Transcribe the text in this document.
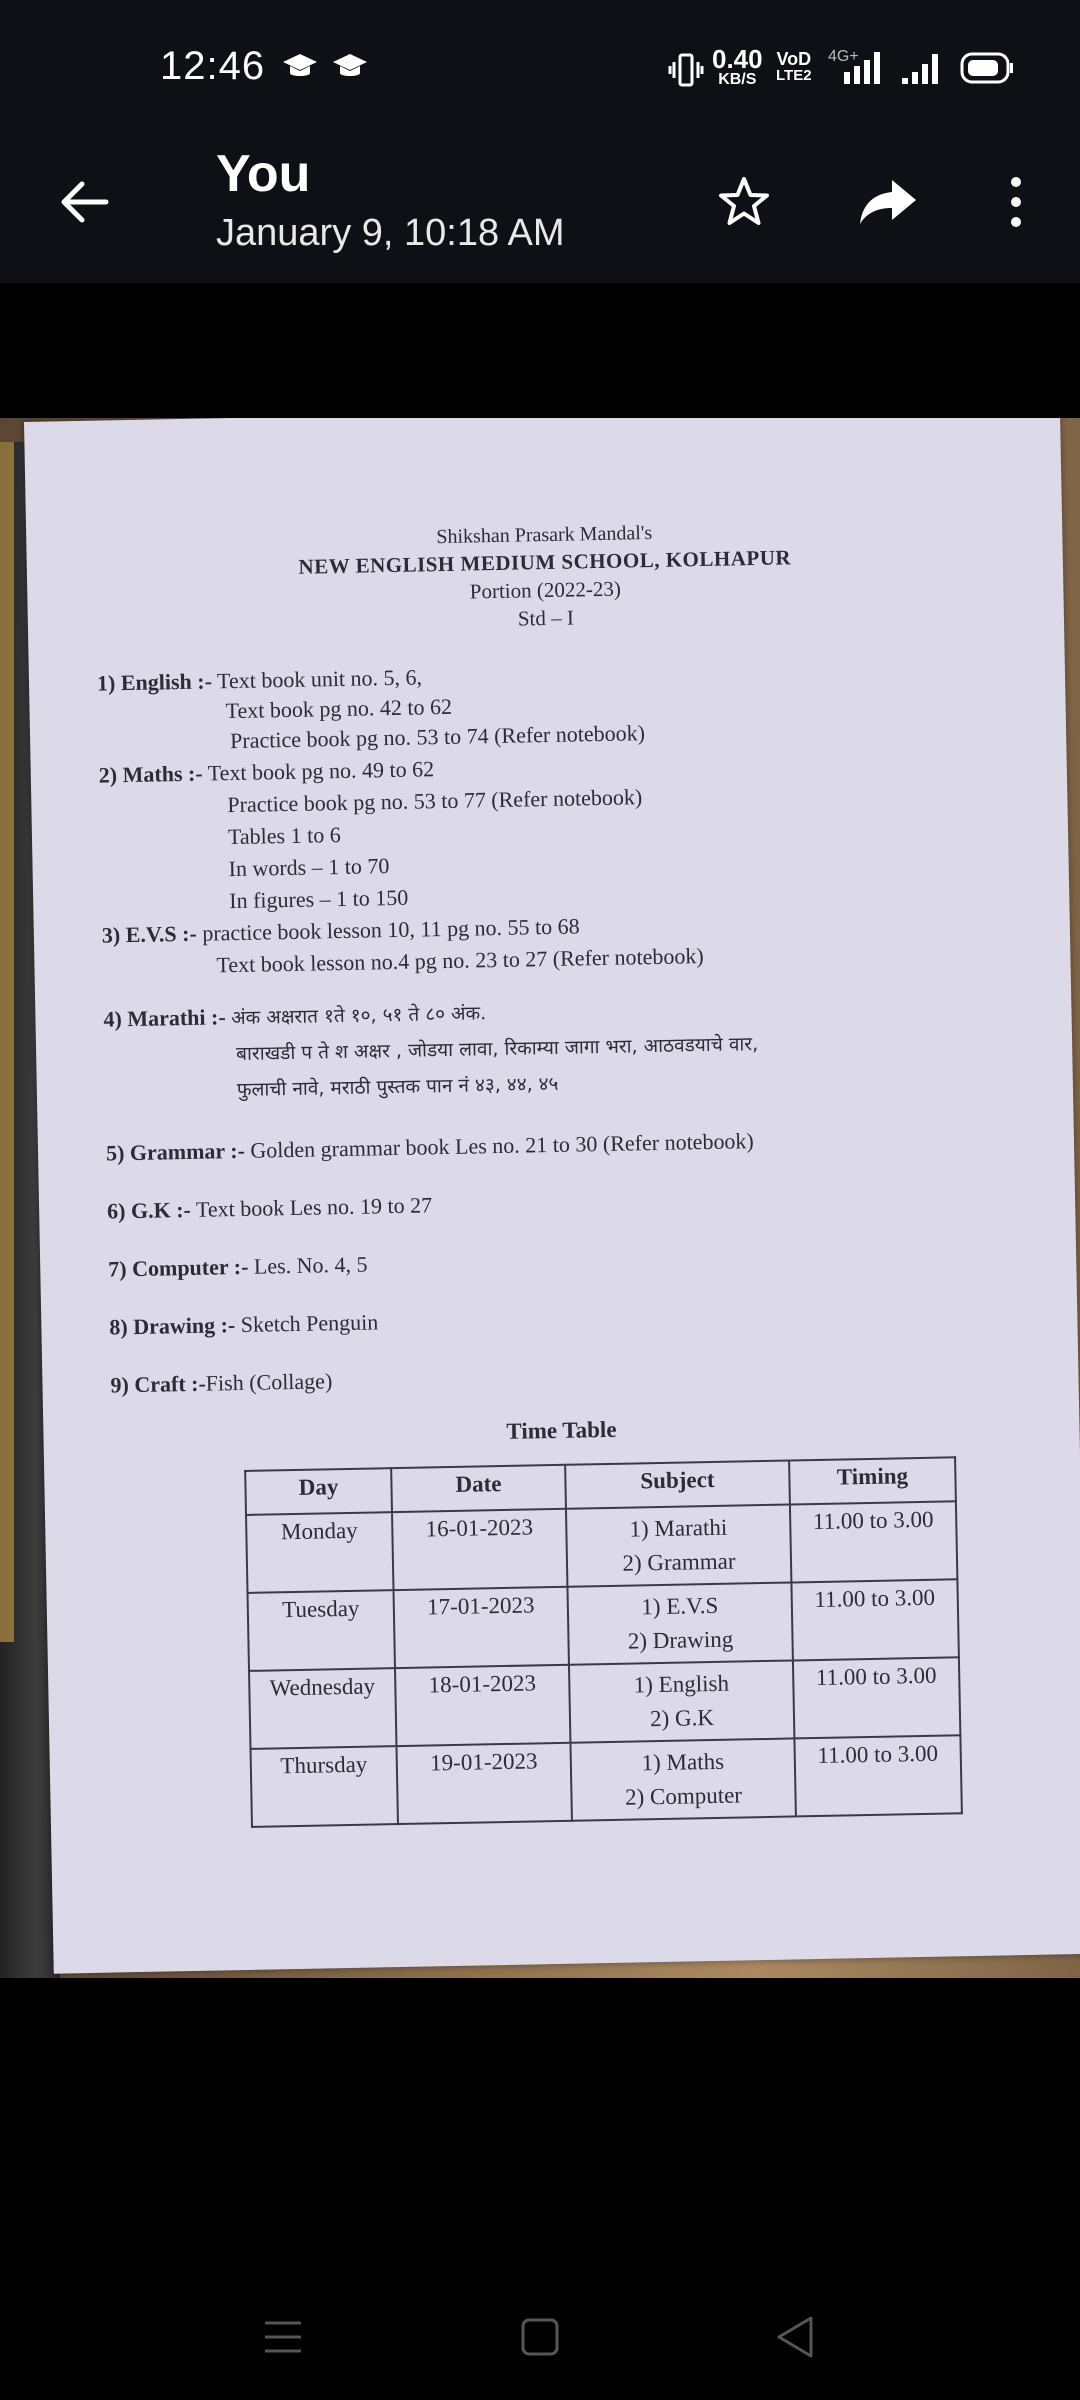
12:46	0.40
KB/S
VoD
LTE2
4G+
You
January 9, 10:18 AM
Shikshan Prasark Mandal's
NEW ENGLISH MEDIUM SCHOOL, KOLHAPUR
Portion (2022-23)
Std – I
1) English :- Text book unit no. 5, 6,
Text book pg no. 42 to 62
Practice book pg no. 53 to 74 (Refer notebook)
2) Maths :- Text book pg no. 49 to 62
Practice book pg no. 53 to 77 (Refer notebook)
Tables 1 to 6
In words – 1 to 70
In figures – 1 to 150
3) E.V.S :- practice book lesson 10, 11 pg no. 55 to 68
Text book lesson no.4 pg no. 23 to 27 (Refer notebook)
4) Marathi :- अंक अक्षरात १ते १०, ५१ ते ८० अंक.
बाराखडी प ते श अक्षर , जोडया लावा, रिकाम्या जागा भरा, आठवडयाचे वार,
फुलाची नावे, मराठी पुस्तक पान नं ४३, ४४, ४५
5) Grammar :- Golden grammar book Les no. 21 to 30 (Refer notebook)
6) G.K :- Text book Les no. 19 to 27
7) Computer :- Les. No. 4, 5
8) Drawing :- Sketch Penguin
9) Craft :-Fish (Collage)
Time Table
Day	Date	Subject	Timing
Monday	16-01-2023	1) Marathi
2) Grammar	11.00 to 3.00
Tuesday	17-01-2023	1) E.V.S
2) Drawing	11.00 to 3.00
Wednesday	18-01-2023	1) English
2) G.K	11.00 to 3.00
Thursday	19-01-2023	1) Maths
2) Computer	11.00 to 3.00
